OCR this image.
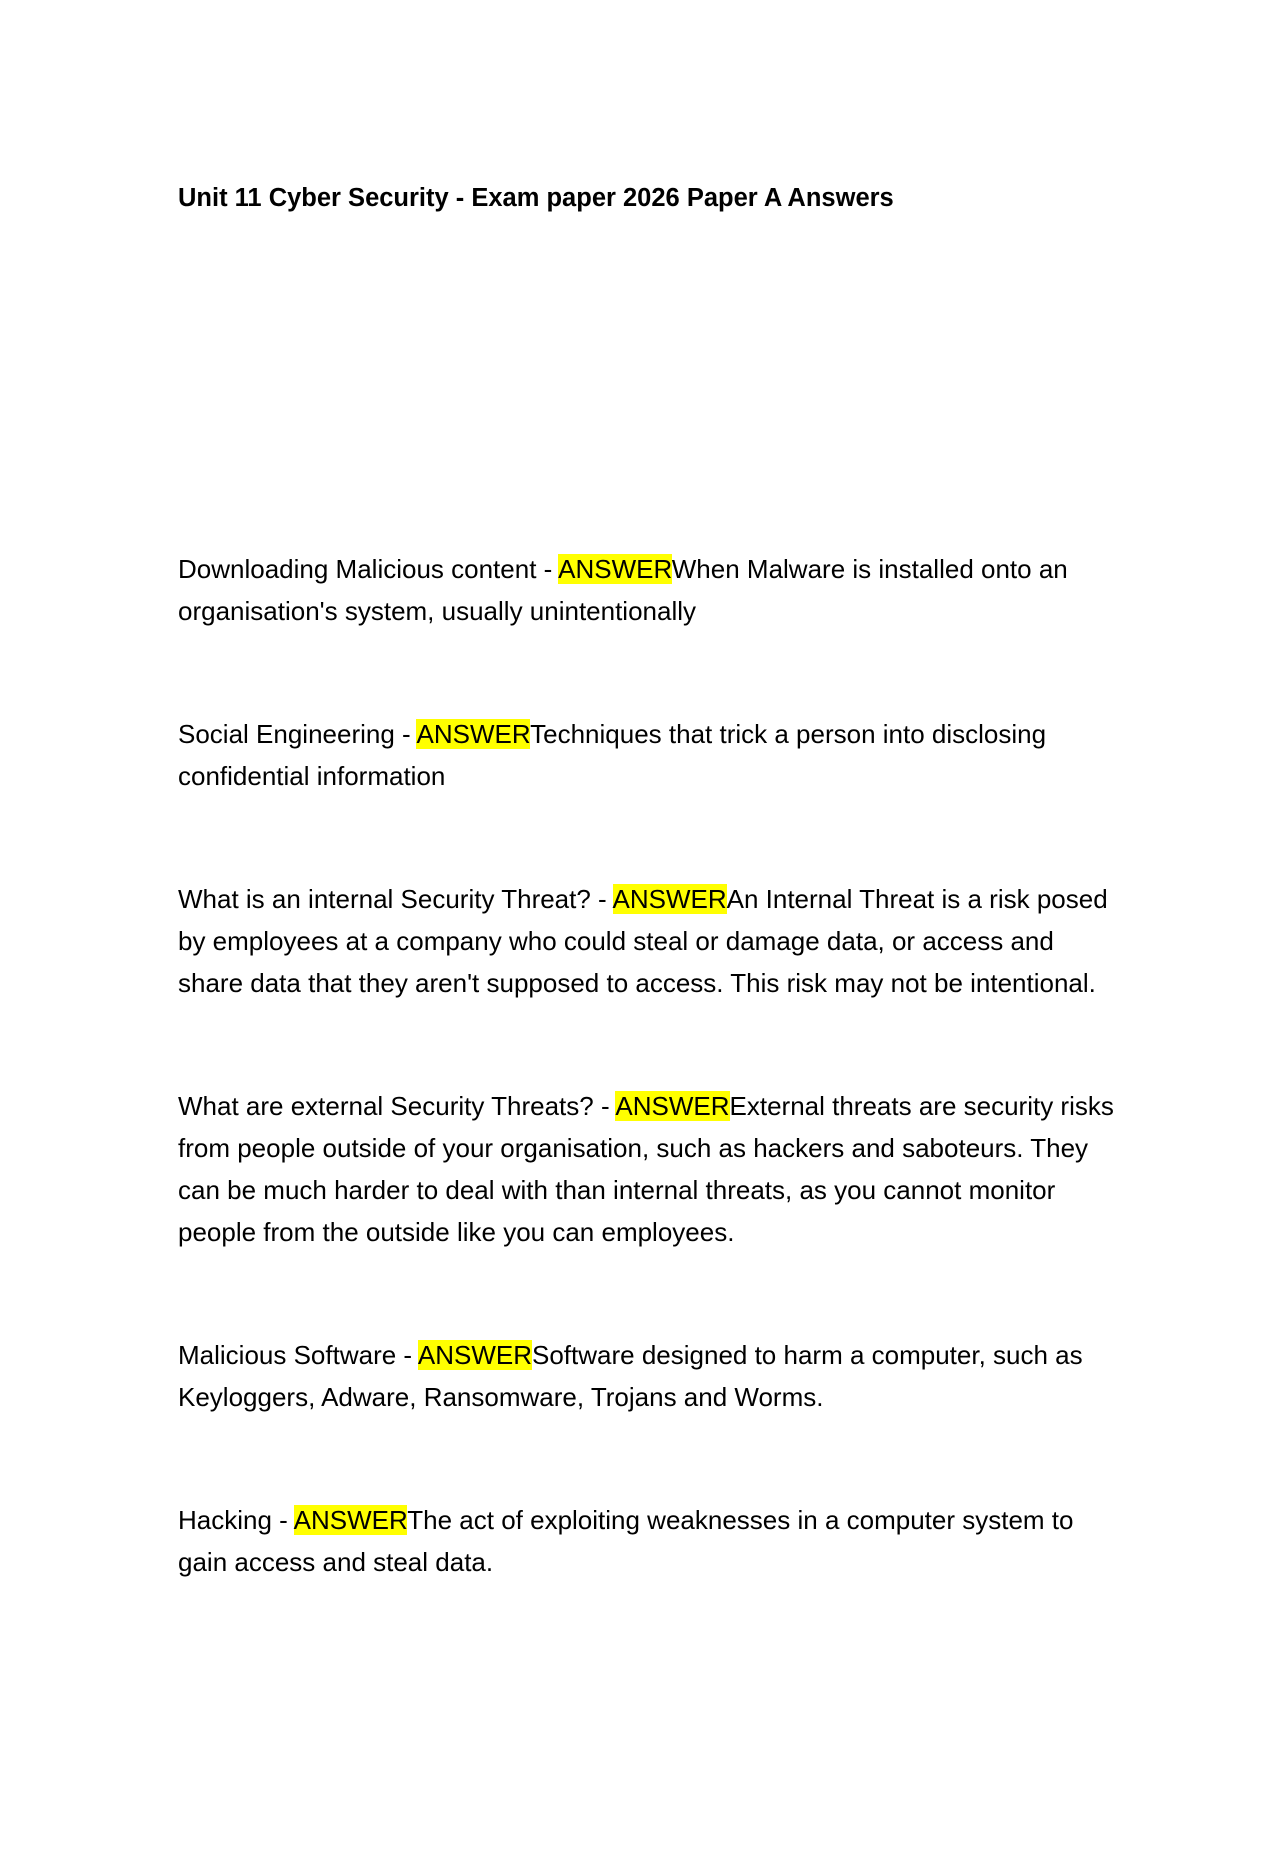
Unit 11 Cyber Security - Exam paper 2026 Paper A Answers

Downloading Malicious content - ANSWERWhen Malware is installed onto an organisation's system, usually unintentionally

Social Engineering - ANSWERTechniques that trick a person into disclosing confidential information

What is an internal Security Threat? - ANSWERAn Internal Threat is a risk posed by employees at a company who could steal or damage data, or access and share data that they aren't supposed to access. This risk may not be intentional.

What are external Security Threats? - ANSWERExternal threats are security risks from people outside of your organisation, such as hackers and saboteurs. They can be much harder to deal with than internal threats, as you cannot monitor people from the outside like you can employees.

Malicious Software - ANSWERSoftware designed to harm a computer, such as Keyloggers, Adware, Ransomware, Trojans and Worms.

Hacking - ANSWERThe act of exploiting weaknesses in a computer system to gain access and steal data.
